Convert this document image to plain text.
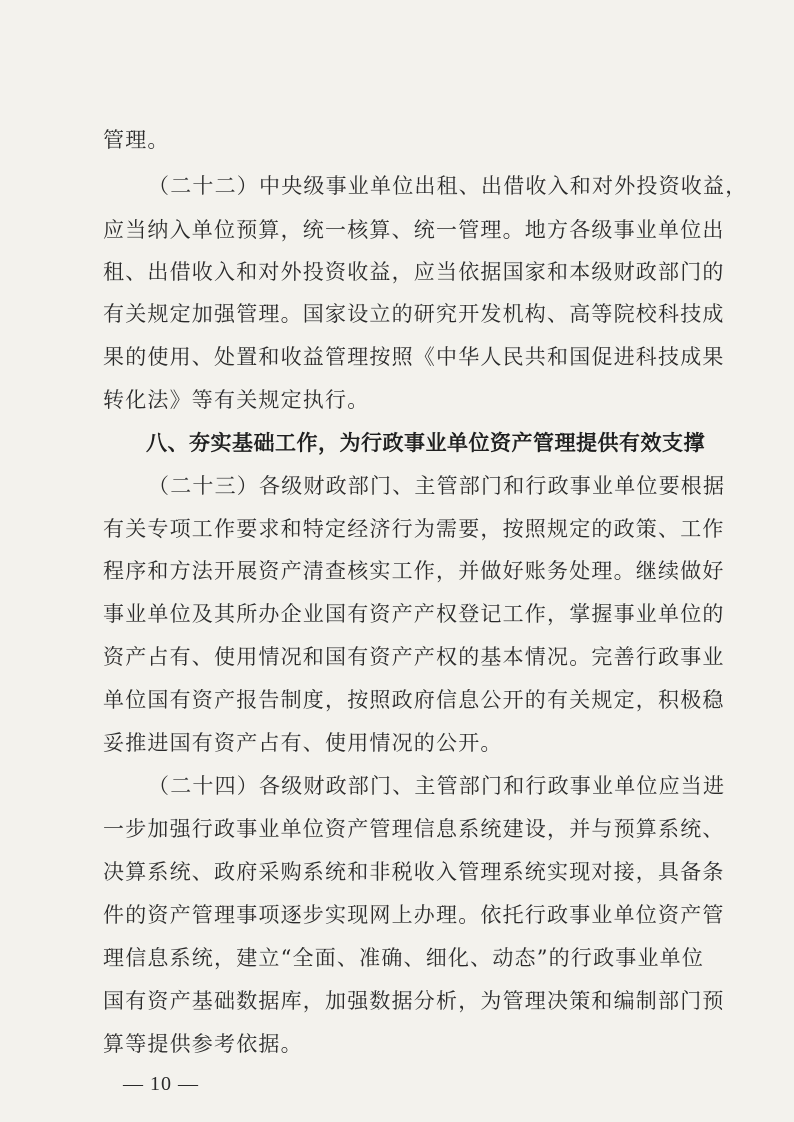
管理。
（二十二）中央级事业单位出租、出借收入和对外投资收益，
应当纳入单位预算，统一核算、统一管理。地方各级事业单位出
租、出借收入和对外投资收益，应当依据国家和本级财政部门的
有关规定加强管理。国家设立的研究开发机构、高等院校科技成
果的使用、处置和收益管理按照《中华人民共和国促进科技成果
转化法》等有关规定执行。
八、夯实基础工作，为行政事业单位资产管理提供有效支撑
（二十三）各级财政部门、主管部门和行政事业单位要根据
有关专项工作要求和特定经济行为需要，按照规定的政策、工作
程序和方法开展资产清查核实工作，并做好账务处理。继续做好
事业单位及其所办企业国有资产产权登记工作，掌握事业单位的
资产占有、使用情况和国有资产产权的基本情况。完善行政事业
单位国有资产报告制度，按照政府信息公开的有关规定，积极稳
妥推进国有资产占有、使用情况的公开。
（二十四）各级财政部门、主管部门和行政事业单位应当进
一步加强行政事业单位资产管理信息系统建设，并与预算系统、
决算系统、政府采购系统和非税收入管理系统实现对接，具备条
件的资产管理事项逐步实现网上办理。依托行政事业单位资产管
理信息系统，建立“全面、准确、细化、动态”的行政事业单位
国有资产基础数据库，加强数据分析，为管理决策和编制部门预
算等提供参考依据。
— 10 —
